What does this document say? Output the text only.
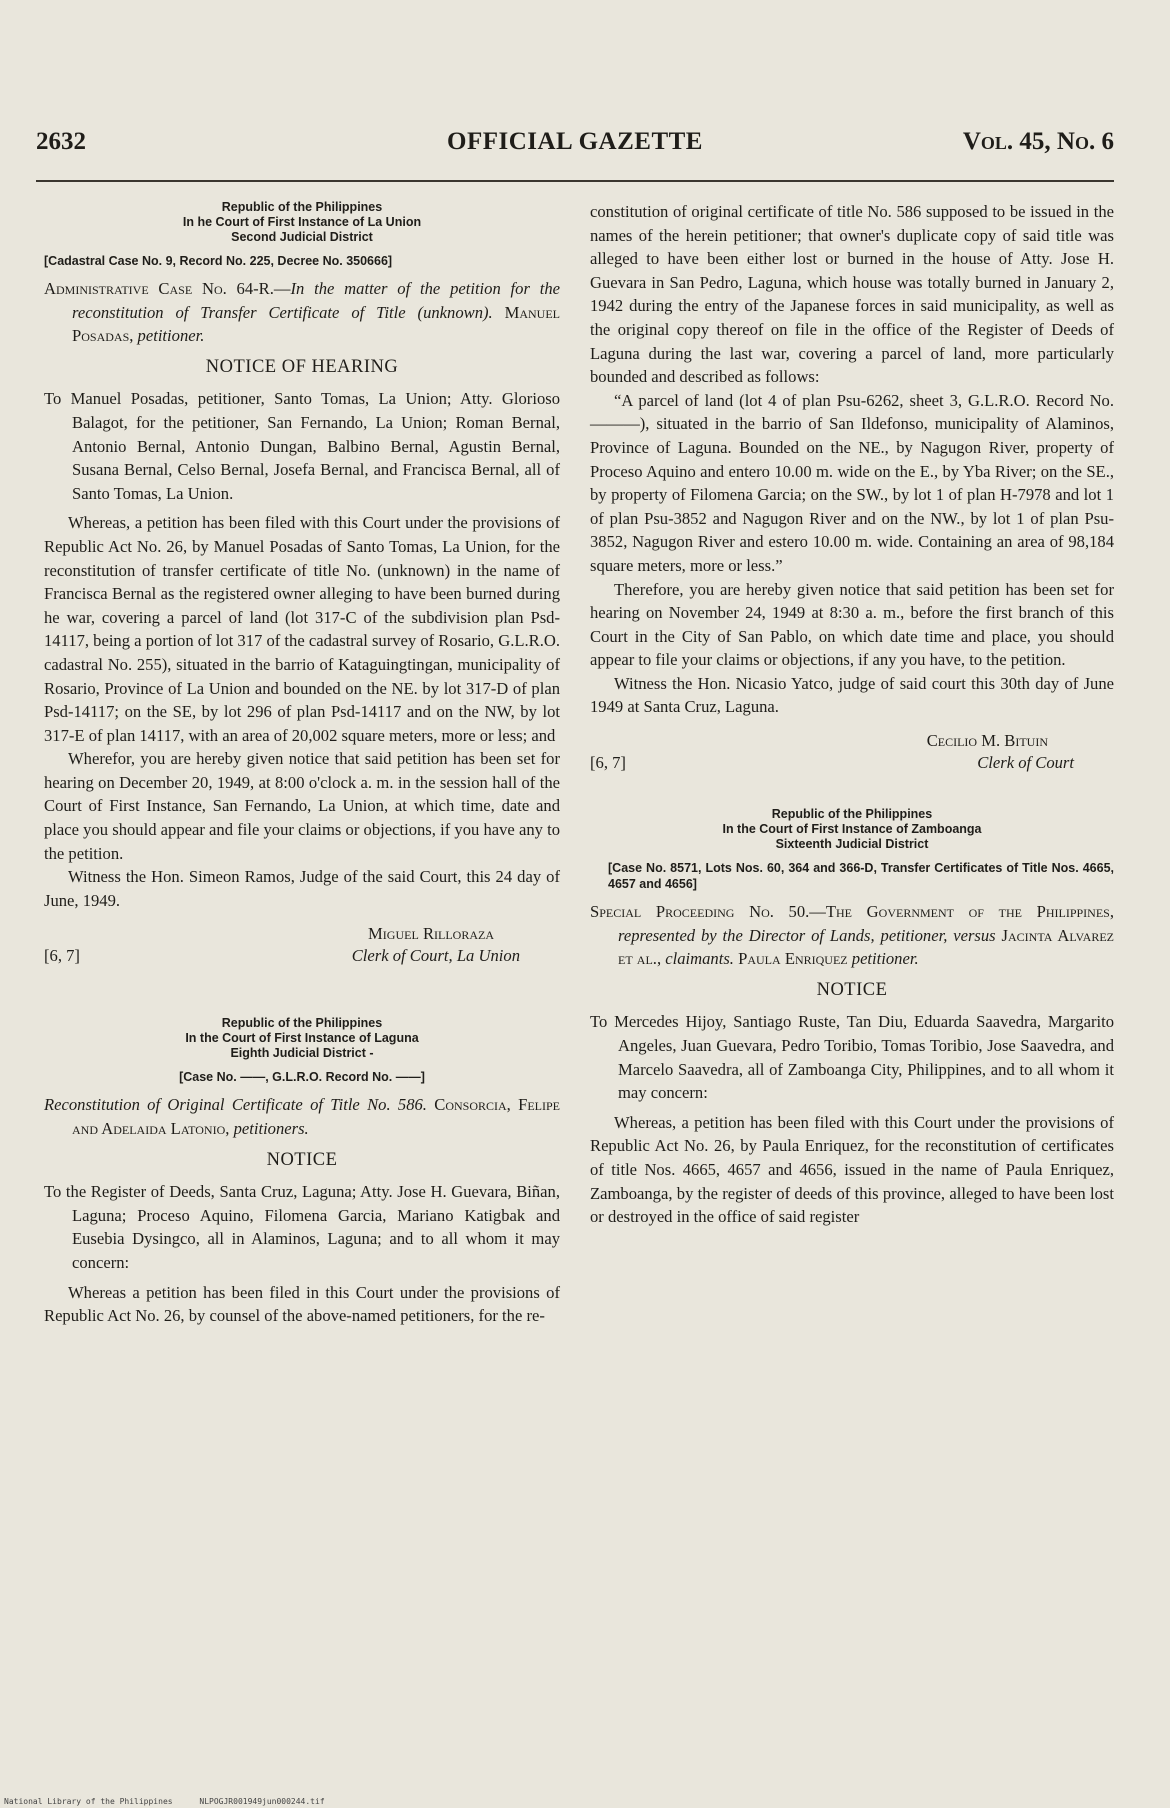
2632	OFFICIAL GAZETTE	Vol. 45, No. 6
Republic of the Philippines
In he Court of First Instance of La Union
Second Judicial District
[Cadastral Case No. 9, Record No. 225, Decree No. 350666]
Administrative Case No. 64-R.—In the matter of the petition for the reconstitution of Transfer Certificate of Title (unknown). Manuel Posadas, petitioner.
NOTICE OF HEARING
To Manuel Posadas, petitioner, Santo Tomas, La Union; Atty. Glorioso Balagot, for the petitioner, San Fernando, La Union; Roman Bernal, Antonio Bernal, Antonio Dungan, Balbino Bernal, Agustin Bernal, Susana Bernal, Celso Bernal, Josefa Bernal, and Francisca Bernal, all of Santo Tomas, La Union.

Whereas, a petition has been filed with this Court under the provisions of Republic Act No. 26, by Manuel Posadas of Santo Tomas, La Union, for the reconstitution of transfer certificate of title No. (unknown) in the name of Francisca Bernal as the registered owner alleging to have been burned during he war, covering a parcel of land (lot 317-C of the subdivision plan Psd-14117, being a portion of lot 317 of the cadastral survey of Rosario, G.L.R.O. cadastral No. 255), situated in the barrio of Kataguingtingan, municipality of Rosario, Province of La Union and bounded on the NE. by lot 317-D of plan Psd-14117; on the SE, by lot 296 of plan Psd-14117 and on the NW, by lot 317-E of plan 14117, with an area of 20,002 square meters, more or less; and

Wherefor, you are hereby given notice that said petition has been set for hearing on December 20, 1949, at 8:00 o'clock a. m. in the session hall of the Court of First Instance, San Fernando, La Union, at which time, date and place you should appear and file your claims or objections, if you have any to the petition.

Witness the Hon. Simeon Ramos, Judge of the said Court, this 24 day of June, 1949.

[6, 7]
Miguel Rilloraza
Clerk of Court, La Union
Republic of the Philippines
In the Court of First Instance of Laguna
Eighth Judicial District -
[Case No. ——, G.L.R.O. Record No. ——]
Reconstitution of Original Certificate of Title No. 586. Consorcia, Felipe and Adelaida Latonio, petitioners.
NOTICE
To the Register of Deeds, Santa Cruz, Laguna; Atty. Jose H. Guevara, Biñan, Laguna; Proceso Aquino, Filomena Garcia, Mariano Katigbak and Eusebia Dysingco, all in Alaminos, Laguna; and to all whom it may concern:

Whereas a petition has been filed in this Court under the provisions of Republic Act No. 26, by counsel of the above-named petitioners, for the re-

constitution of original certificate of title No. 586 supposed to be issued in the names of the herein petitioner; that owner's duplicate copy of said title was alleged to have been either lost or burned in the house of Atty. Jose H. Guevara in San Pedro, Laguna, which house was totally burned in January 2, 1942 during the entry of the Japanese forces in said municipality, as well as the original copy thereof on file in the office of the Register of Deeds of Laguna during the last war, covering a parcel of land, more particularly bounded and described as follows:

“A parcel of land (lot 4 of plan Psu-6262, sheet 3, G.L.R.O. Record No. ———), situated in the barrio of San Ildefonso, municipality of Alaminos, Province of Laguna. Bounded on the NE., by Nagugon River, property of Proceso Aquino and entero 10.00 m. wide on the E., by Yba River; on the SE., by property of Filomena Garcia; on the SW., by lot 1 of plan H-7978 and lot 1 of plan Psu-3852 and Nagugon River and on the NW., by lot 1 of plan Psu-3852, Nagugon River and estero 10.00 m. wide. Containing an area of 98,184 square meters, more or less.”

Therefore, you are hereby given notice that said petition has been set for hearing on November 24, 1949 at 8:30 a. m., before the first branch of this Court in the City of San Pablo, on which date time and place, you should appear to file your claims or objections, if any you have, to the petition.

Witness the Hon. Nicasio Yatco, judge of said court this 30th day of June 1949 at Santa Cruz, Laguna.

[6, 7]
Cecilio M. Bituin
Clerk of Court
Republic of the Philippines
In the Court of First Instance of Zamboanga
Sixteenth Judicial District
[Case No. 8571, Lots Nos. 60, 364 and 366-D, Transfer Certificates of Title Nos. 4665, 4657 and 4656]
Special Proceeding No. 50.—The Government of the Philippines, represented by the Director of Lands, petitioner, versus Jacinta Alvarez et al., claimants. Paula Enriquez petitioner.
NOTICE
To Mercedes Hijoy, Santiago Ruste, Tan Diu, Eduarda Saavedra, Margarito Angeles, Juan Guevara, Pedro Toribio, Tomas Toribio, Jose Saavedra, and Marcelo Saavedra, all of Zamboanga City, Philippines, and to all whom it may concern:

Whereas, a petition has been filed with this Court under the provisions of Republic Act No. 26, by Paula Enriquez, for the reconstitution of certificates of title Nos. 4665, 4657 and 4656, issued in the name of Paula Enriquez, Zamboanga, by the register of deeds of this province, alleged to have been lost or destroyed in the office of said register

National Library of the Philippines	NLPOGJR001949jun000244.tif
